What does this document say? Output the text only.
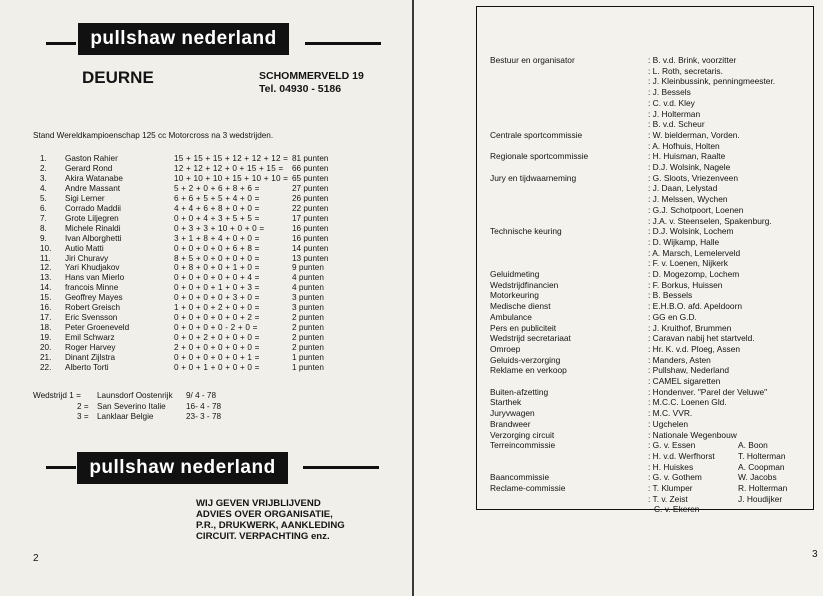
pullshaw nederland
DEURNE	SCHOMMERVELD 19
Tel. 04930 - 5186
Stand Wereldkampioenschap 125 cc Motorcross na 3 wedstrijden.
1. Gaston Rahier	15 + 15 + 15 + 12 + 12 + 12 = 81 punten
2. Gerard Rond	12 + 12 + 12 + 0 + 15 + 15 = 66 punten
3. Akira Watanabe	10 + 10 + 10 + 15 + 10 + 10 = 65 punten
4. Andre Massant	5 + 2 + 0 + 6 + 8 + 6 =	27 punten
5. Sigi Lerner	6 + 6 + 5 + 5 + 4 + 0 =	26 punten
6. Corrado Maddii	4 + 4 + 6 + 8 + 0 + 0 =	22 punten
7. Grote Liljegren	0 + 0 + 4 + 3 + 5 + 5 =	17 punten
8. Michele Rinaldi	0 + 3 + 3 + 10 + 0 + 0 =	16 punten
9. Ivan Alborghetti	3 + 1 + 8 + 4 + 0 + 0 =	16 punten
10. Autio Matti	0 + 0 + 0 + 0 + 6 + 8 =	14 punten
11. Jiri Churavy	8 + 5 + 0 + 0 + 0 + 0 =	13 punten
12. Yari Khudjakov	0 + 8 + 0 + 0 + 1 + 0 =	9 punten
13. Hans van Mierlo	0 + 0 + 0 + 0 + 0 + 4 =	4 punten
14. francois Minne	0 + 0 + 0 + 1 + 0 + 3 =	4 punten
15. Geoffrey Mayes	0 + 0 + 0 + 0 + 3 + 0 =	3 punten
16. Robert Greisch	1 + 0 + 0 + 2 + 0 + 0 =	3 punten
17. Eric Svensson	0 + 0 + 0 + 0 + 0 + 2 =	2 punten
18. Peter Groeneveld	0 + 0 + 0 + 0 - 2 + 0 =	2 punten
19. Emil Schwarz	0 + 0 + 2 + 0 + 0 + 0 =	2 punten
20. Roger Harvey	2 + 0 + 0 + 0 + 0 + 0 =	2 punten
21. Dinant Zijlstra	0 + 0 + 0 + 0 + 0 + 1 =	1 punten
22. Alberto Torti	0 + 0 + 1 + 0 + 0 + 0 =	1 punten
Wedstrijd 1 = Launsdorf Oostenrijk 9/ 4 - 78
2 = San Severino Italie 16- 4 - 78
3 = Lanklaar Belgie	23- 3 - 78
pullshaw nederland
WIJ GEVEN VRIJBLIJVEND
ADVIES OVER ORGANISATIE,
P.R., DRUKWERK, AANKLEDING
CIRCUIT. VERPACHTING enz.
2	3
Bestuur en organisator	: B. v.d. Brink, voorzitter
: L. Roth, secretaris.
: J. Kleinbussink, penningmeester.
: J. Bessels
: C. v.d. Kley
: J. Holterman
: B. v.d. Scheur
Centrale sportcommissie	: W. bielderman, Vorden.
: A. Hofhuis, Holten
Regionale sportcommissie	: H. Huisman, Raalte
: D.J. Wolsink, Nagele
Jury en tijdwaarneming	: G. Sloots, Vriezenveen
: J. Daan, Lelystad
: J. Melssen, Wychen
: G.J. Schotpoort, Loenen
: J.A. v. Steenselen, Spakenburg.
Technische keuring	: D.J. Wolsink, Lochem
: D. Wijkamp, Halle
: A. Marsch, Lemelerveld
: F. v. Loenen, Nijkerk
Geluidmeting	: D. Mogezomp, Lochem
Wedstrijdfinancien	: F. Borkus, Huissen
Motorkeuring	: B. Bessels
Medische dienst	: E.H.B.O. afd. Apeldoorn
Ambulance	: GG en G.D.
Pers en publiciteit	: J. Kruithof, Brummen
Wedstrijd secretariaat	: Caravan nabij het startveld.
Omroep	: Hr. K. v.d. Ploeg, Assen
Geluids-verzorging	: Manders, Asten
Reklame en verkoop	: Pullshaw, Nederland
: CAMEL sigaretten
Buiten-afzetting	: Hondenver. "Parel der Veluwe"
Starthek	: M.C.C. Loenen Gld.
Juryvwagen	: M.C. VVR.
Brandweer	: Ugchelen
Verzorging circuit	: Nationale Wegenbouw
Terreincommissie	: G. v. Essen	A. Boon
: H. v.d. Werfhorst	T. Holterman
: H. Huiskes	A. Coopman
Baancommissie	: G. v. Gothem	W. Jacobs
Reclame-commissie	: T. Klumper	R. Holterman
: T. v. Zeist	J. Houdijker
C. v. Ekeren
